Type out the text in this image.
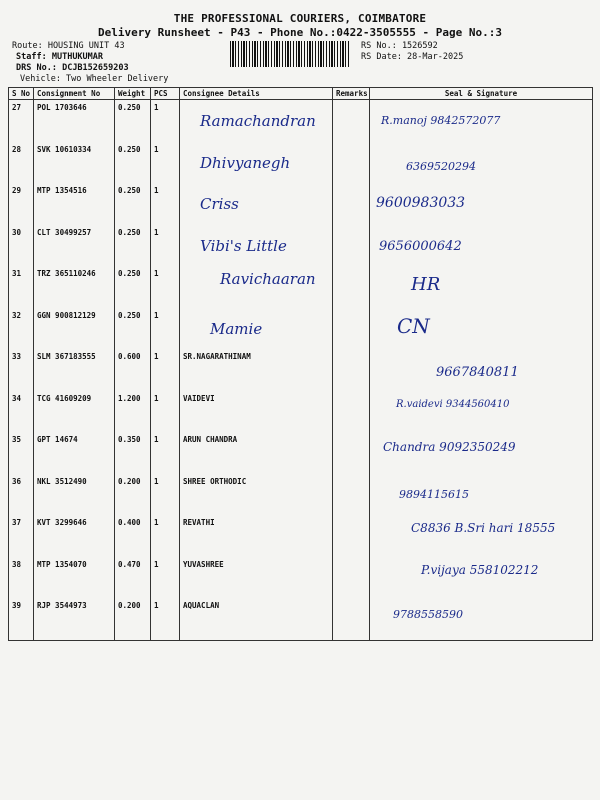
THE PROFESSIONAL COURIERS, COIMBATORE
Delivery Runsheet - P43 - Phone No.:0422-3505555 - Page No.:3
Route: HOUSING UNIT 43
Staff: MUTHUKUMAR
DRS No.: DCJB152659203
Vehicle: Two Wheeler Delivery
RS No.: 1526592
RS Date: 28-Mar-2025
S No	Consignment No	Weight	PCS	Consignee Details	Remarks	Seal & Signature
27	POL 1703646	0.250	1	Ramachandran		R.manoj 9842572077

28	SVK 10610334	0.250	1	Dhivyanegh		6369520294

29	MTP 1354516	0.250	1	Criss		9600983033

30	CLT 30499257	0.250	1	Vibi's Little		9656000642

31	TRZ 365110246	0.250	1	Ravichaaran		HR

32	GGN 900812129	0.250	1	Mamie		CN

33	SLM 367183555	0.600	1	SR.NAGARATHINAM		9667840811

34	TCG 41609209	1.200	1	VAIDEVI		R.vaidevi 9344560410

35	GPT 14674	0.350	1	ARUN CHANDRA		Chandra 9092350249

36	NKL 3512490	0.200	1	SHREE ORTHODIC		9894115615

37	KVT 3299646	0.400	1	REVATHI		C8836 B.Sri hari 18555

38	MTP 1354070	0.470	1	YUVASHREE		P.vijaya 558102212

39	RJP 3544973	0.200	1	AQUACLAN		9788558590
